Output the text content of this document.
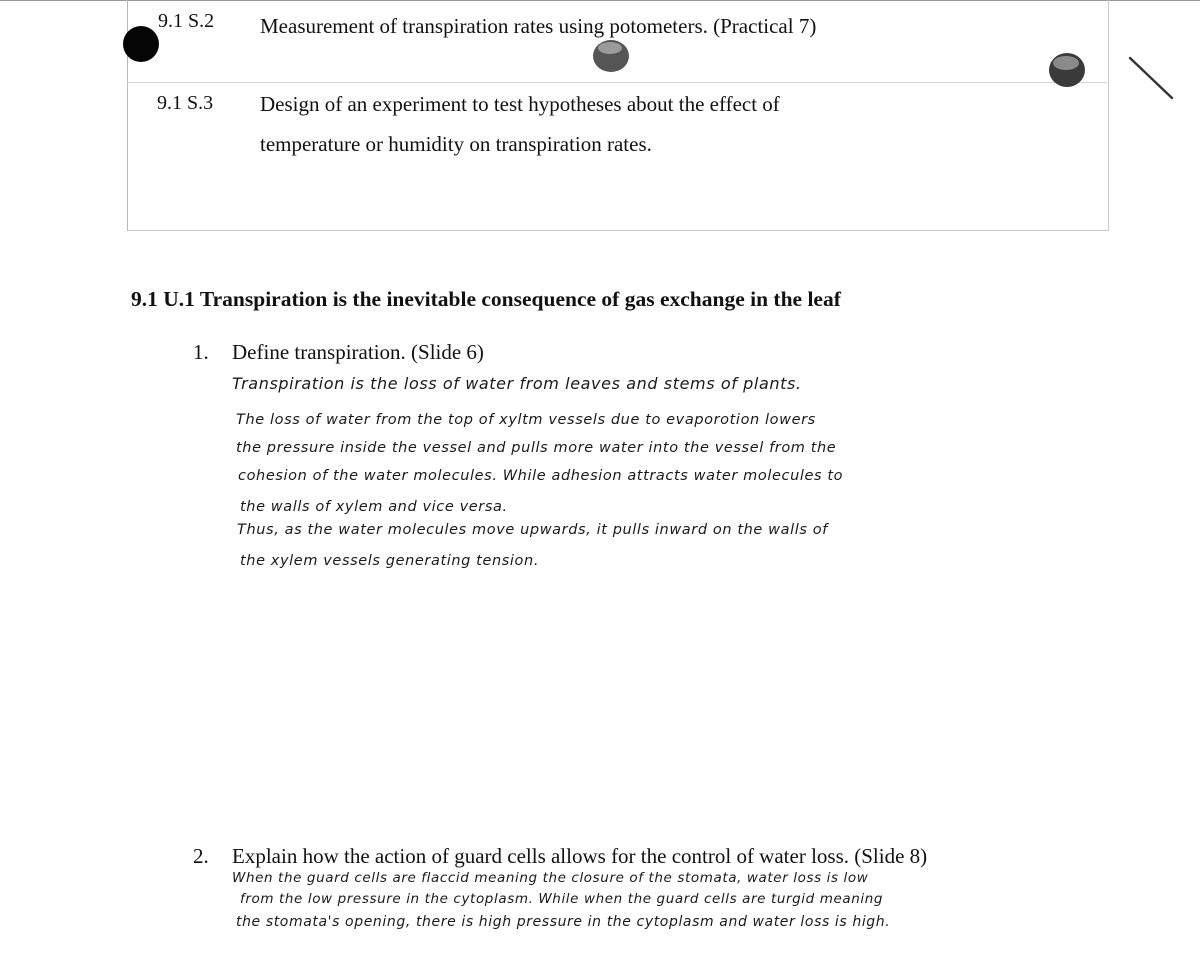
9.1 S.2 Measurement of transpiration rates using potometers. (Practical 7)
9.1 S.3 Design of an experiment to test hypotheses about the effect of
temperature or humidity on transpiration rates.
9.1 U.1 Transpiration is the inevitable consequence of gas exchange in the leaf
1. Define transpiration. (Slide 6)
Transpiration is the loss of water from leaves and stems of plants.
The loss of water from the top of xyltm vessels due to evaporotion lowers
the pressure inside the vessel and pulls more water into the vessel from the
cohesion of the water molecules. While adhesion attracts water molecules to
the walls of xylem and vice versa.
Thus, as the water molecules move upwards, it pulls inward on the walls of
the xylem vessels generating tension.
2. Explain how the action of guard cells allows for the control of water loss. (Slide 8)
When the guard cells are flaccid meaning the closure of the stomata, water loss is low
from the low pressure in the cytoplasm. While when the guard cells are turgid meaning
the stomata's opening, there is high pressure in the cytoplasm and water loss is high.
